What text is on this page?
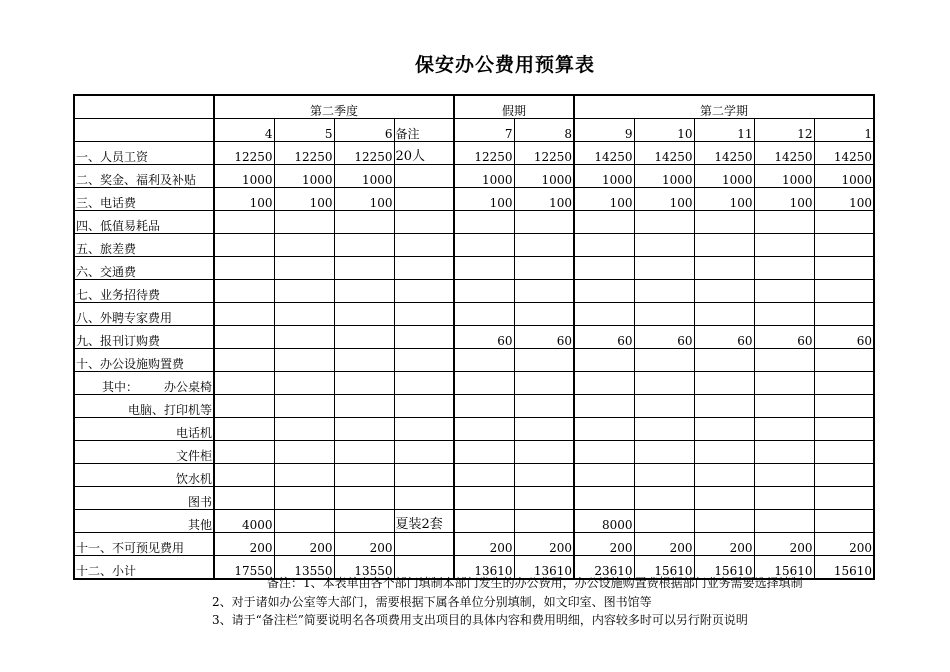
保安办公费用预算表
	第二季度				假期		第二学期				
	4	5	6	备注	7	8	9	10	11	12	1
一、人员工资	12250	12250	12250	20人	12250	12250	14250	14250	14250	14250	14250
二、奖金、福利及补贴	1000	1000	1000		1000	1000	1000	1000	1000	1000	1000
三、电话费	100	100	100		100	100	100	100	100	100	100
四、低值易耗品											
五、旅差费											
六、交通费											
七、业务招待费											
八、外聘专家费用											
九、报刊订购费					60	60	60	60	60	60	60
十、办公设施购置费											

其中： 办公桌椅											
电脑、打印机等											
电话机											
文件柜											
饮水机											
图书											
其他	4000			夏装2套			8000				
十一、不可预见费用	200	200	200		200	200	200	200	200	200	200
十二、小计	17550	13550	13550		13610	13610	23610	15610	15610	15610	15610
备注：1、本表单由各个部门填制本部门发生的办公费用，办公设施购置费根据部门业务需要选择填制
2、对于诸如办公室等大部门，需要根据下属各单位分别填制，如文印室、图书馆等
3、请于“备注栏”简要说明名各项费用支出项目的具体内容和费用明细，内容较多时可以另行附页说明
